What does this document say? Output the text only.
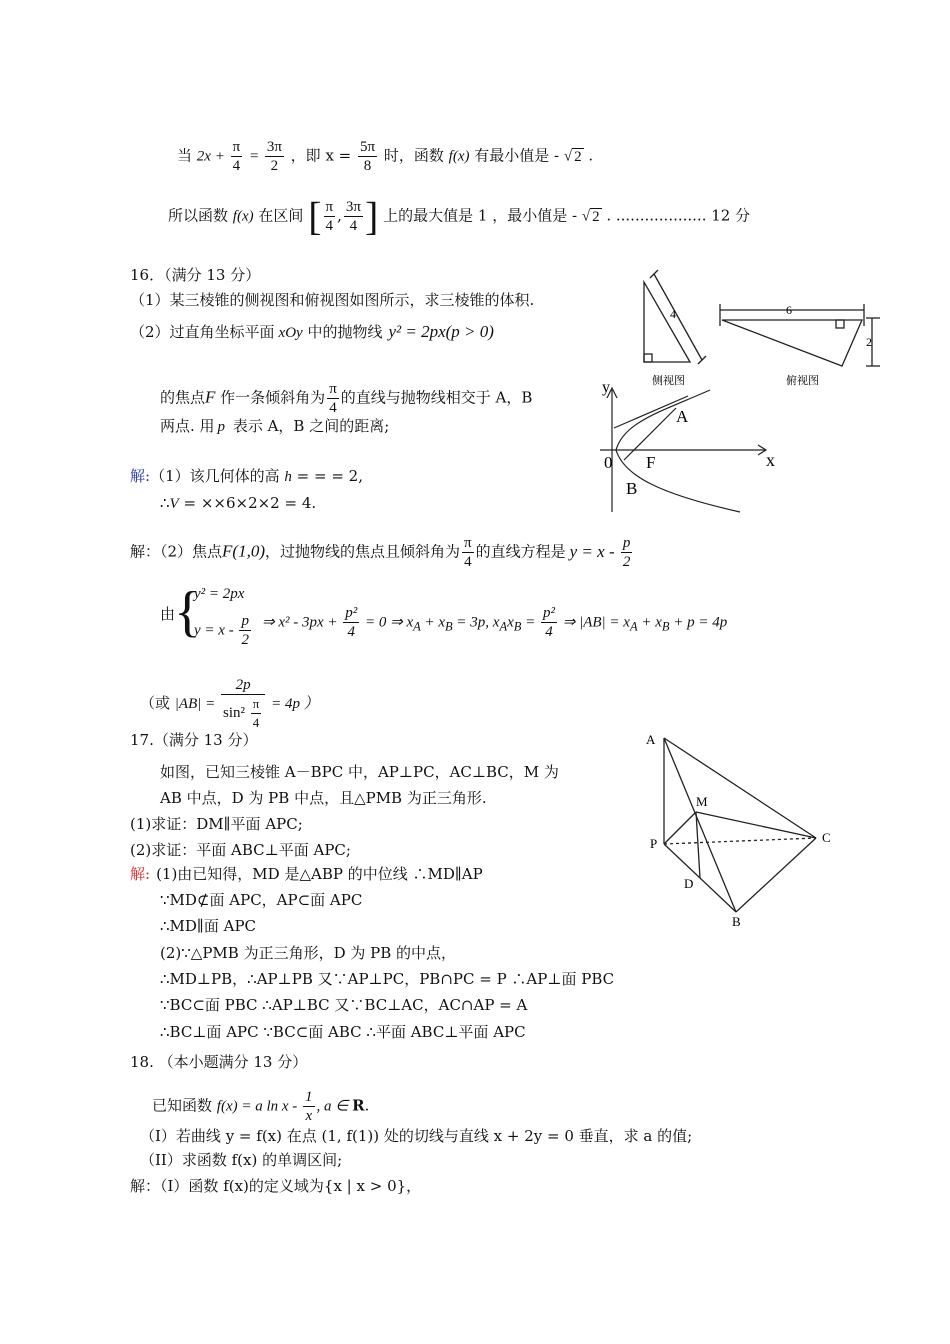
当 $2x + \frac{\pi}{4} = \frac{3\pi}{2}$ ，即 $x = \frac{5\pi}{8}$ 时，函数 f(x) 有最小值是 - √ 2 .
所以函数 f(x) 在区间 [ $\frac{\pi}{4}$ , $\frac{3\pi}{4}$ ] 上的最大值是 1 ，最小值是 - √ 2 . ................... 12 分
16．（满分 13 分）
（1）某三棱锥的侧视图和俯视图如图所示，求三棱锥的体积.
（2）过直角坐标平面 xOy 中的抛物线 y² = 2px(p > 0)
的焦点F 作一条倾斜角为 $\frac{\pi}{4}$ 的直线与抛物线相交于 A，B
两点. 用 p 表示 A，B 之间的距离;
解:（1）该几何体的高 h = = = 2,
∴V = ××6×2×2 = 4.
解：（2）焦点F(1,0)，过抛物线的焦点且倾斜角为 $\frac{\pi}{4}$ 的直线方程是 $y = x - \frac{p}{2}$
由
{
y² = 2px
$y = x - \frac{p}{2}$ ⇒ $x^2 - 3px + \frac{\text{p²}}{4} = 0$ ⇒ $x_A + x_B = 3p$, $x_Ax_B = \frac{\text{p²}}{4}$ ⇒ $|AB| = x_A + x_B + p = 4p$
（或 $|AB| = \frac{2p}{\sin^2 \frac{\pi}{4}} = 4p$ ）
4
侧视图
6
2
俯视图
y
x
0
A
F
B
17.（满分 13 分）
如图，已知三棱锥 A－BPC 中，AP⊥PC，AC⊥BC，M 为
AB 中点，D 为 PB 中点，且△PMB 为正三角形.
(1)求证：DM∥平面 APC;
(2)求证：平面 ABC⊥平面 APC;
解: (1)由已知得，MD 是△ABP 的中位线 ∴MD∥AP
∵MD⊄面 APC，AP⊂面 APC
∴MD∥面 APC
(2)∵△PMB 为正三角形，D 为 PB 的中点，
∴MD⊥PB，∴AP⊥PB 又∵AP⊥PC，PB∩PC = P ∴AP⊥面 PBC
∵BC⊂面 PBC ∴AP⊥BC 又∵BC⊥AC，AC∩AP = A
∴BC⊥面 APC ∵BC⊂面 ABC ∴平面 ABC⊥平面 APC
A
M
C
P
D
B
18. （本小题满分 13 分）
已知函数 f(x) = a ln x - $\frac{1}{x}$ , a ∈ R.
（I）若曲线 y = f(x) 在点 (1, f(1)) 处的切线与直线 x + 2y = 0 垂直，求 a 的值;
（II）求函数 f(x) 的单调区间;
解：（I）函数 f(x)的定义域为{x | x > 0}，
